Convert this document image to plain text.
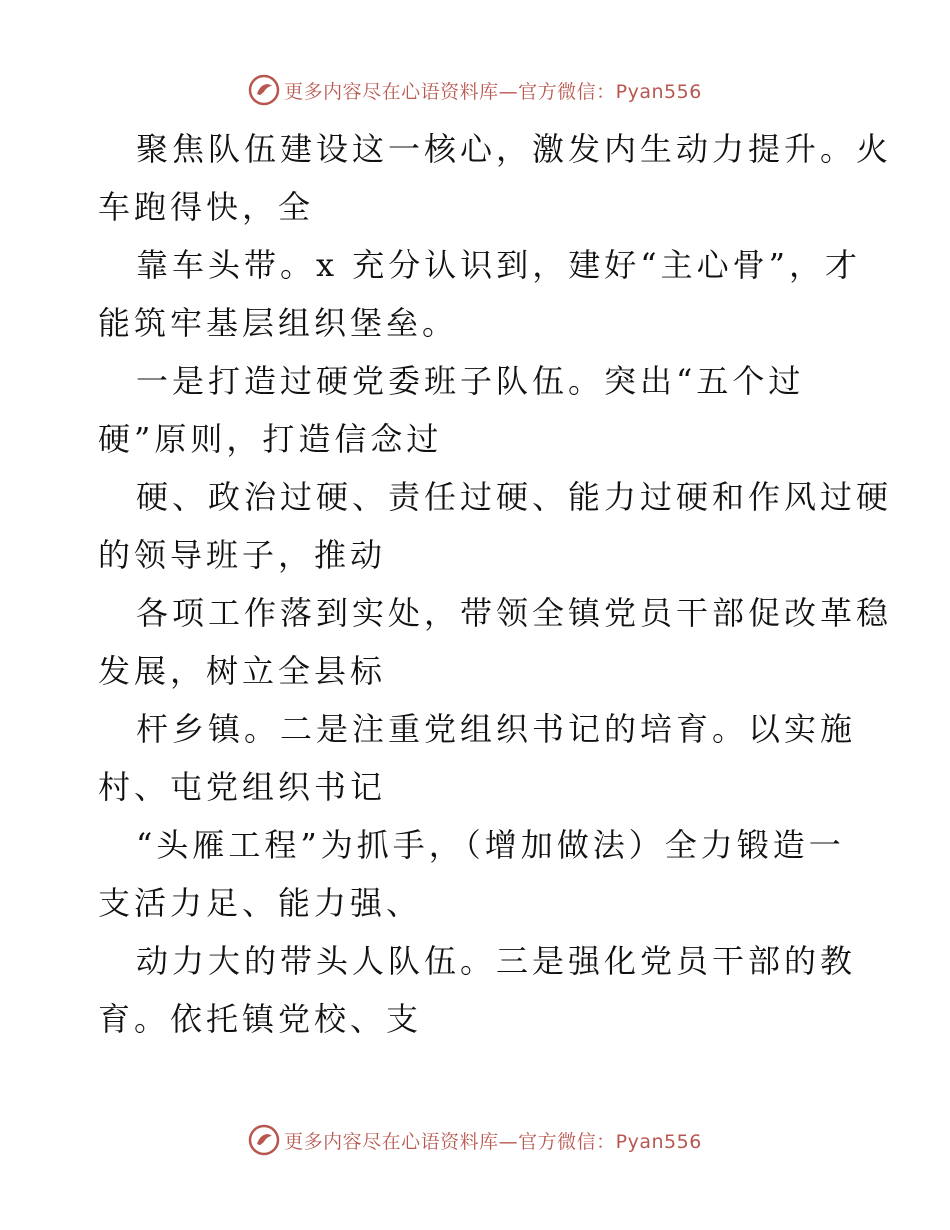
更多内容尽在心语资料库—官方微信：Pyan556
聚焦队伍建设这一核心，激发内生动力提升。火
车跑得快，全
靠车头带。x 充分认识到，建好“主心骨”，才
能筑牢基层组织堡垒。
一是打造过硬党委班子队伍。突出“五个过
硬”原则，打造信念过
硬、政治过硬、责任过硬、能力过硬和作风过硬
的领导班子，推动
各项工作落到实处，带领全镇党员干部促改革稳
发展，树立全县标
杆乡镇。二是注重党组织书记的培育。以实施
村、屯党组织书记
“头雁工程”为抓手，（增加做法）全力锻造一
支活力足、能力强、
动力大的带头人队伍。三是强化党员干部的教
育。依托镇党校、支
更多内容尽在心语资料库—官方微信：Pyan556
